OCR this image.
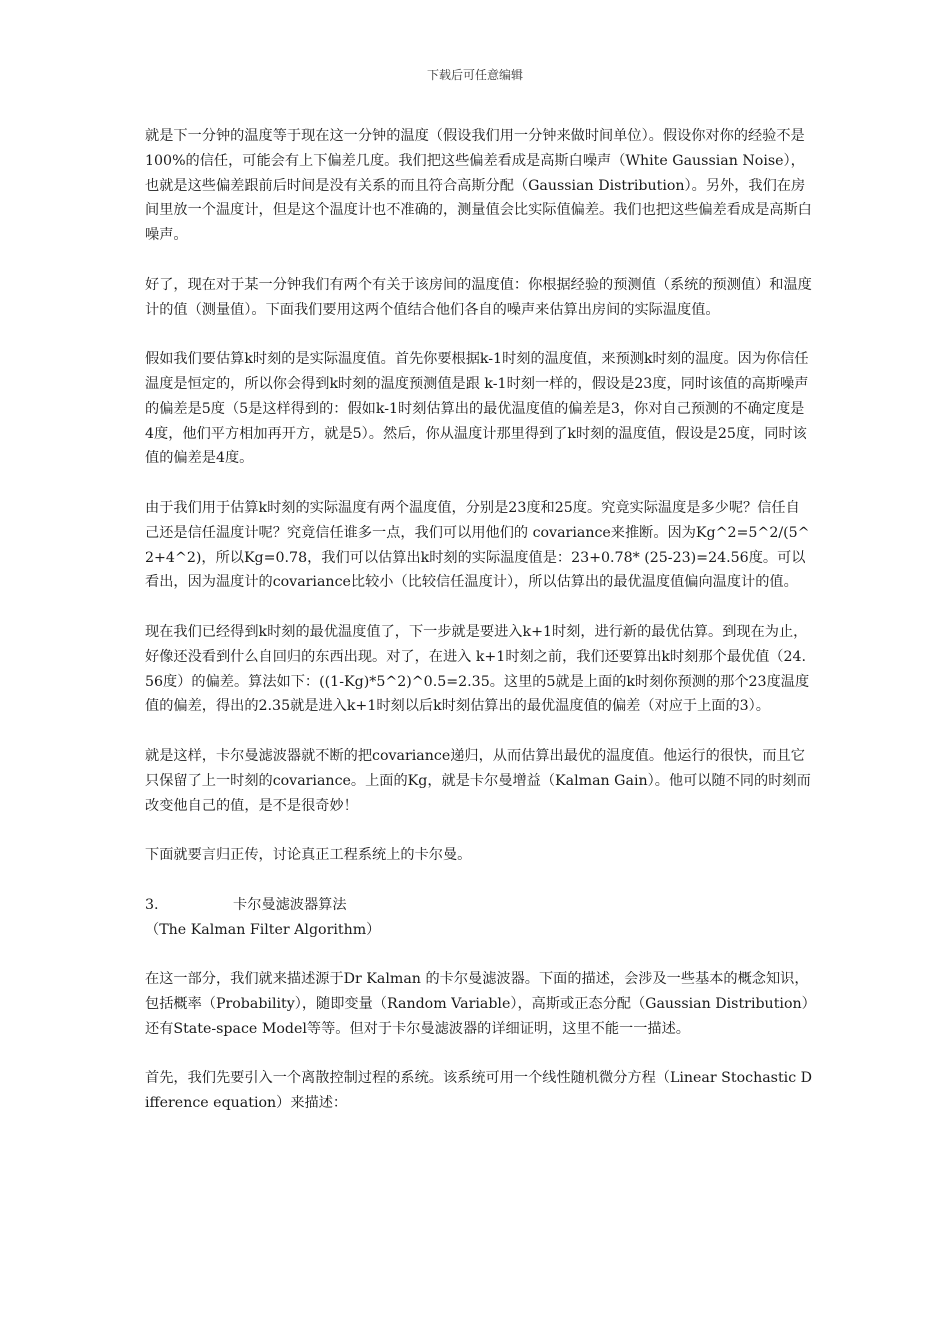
下载后可任意编辑

就是下一分钟的温度等于现在这一分钟的温度（假设我们用一分钟来做时间单位）。假设你对你的经验不是100%的信任，可能会有上下偏差几度。我们把这些偏差看成是高斯白噪声（White Gaussian Noise），也就是这些偏差跟前后时间是没有关系的而且符合高斯分配（Gaussian Distribution）。另外，我们在房间里放一个温度计，但是这个温度计也不准确的，测量值会比实际值偏差。我们也把这些偏差看成是高斯白噪声。

好了，现在对于某一分钟我们有两个有关于该房间的温度值：你根据经验的预测值（系统的预测值）和温度计的值（测量值）。下面我们要用这两个值结合他们各自的噪声来估算出房间的实际温度值。

假如我们要估算k时刻的是实际温度值。首先你要根据k-1时刻的温度值，来预测k时刻的温度。因为你信任温度是恒定的，所以你会得到k时刻的温度预测值是跟 k-1时刻一样的，假设是23度，同时该值的高斯噪声的偏差是5度（5是这样得到的：假如k-1时刻估算出的最优温度值的偏差是3，你对自己预测的不确定度是4度，他们平方相加再开方，就是5）。然后，你从温度计那里得到了k时刻的温度值，假设是25度，同时该值的偏差是4度。

由于我们用于估算k时刻的实际温度有两个温度值，分别是23度和25度。究竟实际温度是多少呢？信任自己还是信任温度计呢？究竟信任谁多一点，我们可以用他们的 covariance来推断。因为Kg^2=5^2/(5^2+4^2)，所以Kg=0.78，我们可以估算出k时刻的实际温度值是：23+0.78* (25-23)=24.56度。可以看出，因为温度计的covariance比较小（比较信任温度计），所以估算出的最优温度值偏向温度计的值。

现在我们已经得到k时刻的最优温度值了，下一步就是要进入k+1时刻，进行新的最优估算。到现在为止，好像还没看到什么自回归的东西出现。对了，在进入 k+1时刻之前，我们还要算出k时刻那个最优值（24.56度）的偏差。算法如下：((1-Kg)*5^2)^0.5=2.35。这里的5就是上面的k时刻你预测的那个23度温度值的偏差，得出的2.35就是进入k+1时刻以后k时刻估算出的最优温度值的偏差（对应于上面的3）。

就是这样，卡尔曼滤波器就不断的把covariance递归，从而估算出最优的温度值。他运行的很快，而且它只保留了上一时刻的covariance。上面的Kg，就是卡尔曼增益（Kalman Gain）。他可以随不同的时刻而改变他自己的值，是不是很奇妙！

下面就要言归正传，讨论真正工程系统上的卡尔曼。

3.	卡尔曼滤波器算法

（The Kalman Filter Algorithm）

在这一部分，我们就来描述源于Dr Kalman 的卡尔曼滤波器。下面的描述，会涉及一些基本的概念知识，包括概率（Probability），随即变量（Random Variable），高斯或正态分配（Gaussian Distribution）还有State-space Model等等。但对于卡尔曼滤波器的详细证明，这里不能一一描述。

首先，我们先要引入一个离散控制过程的系统。该系统可用一个线性随机微分方程（Linear Stochastic Difference equation）来描述：
